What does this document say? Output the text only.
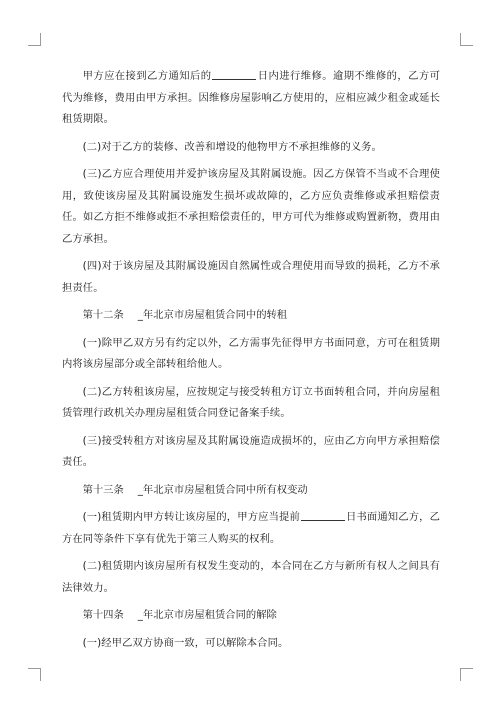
甲方应在接到乙方通知后的	日内进行维修。逾期不维修的，乙方可代为维修，费用由甲方承担。因维修房屋影响乙方使用的，应相应减少租金或延长租赁期限。

(二)对于乙方的装修、改善和增设的他物甲方不承担维修的义务。

(三)乙方应合理使用并爱护该房屋及其附属设施。因乙方保管不当或不合理使用，致使该房屋及其附属设施发生损坏或故障的，乙方应负责维修或承担赔偿责任。如乙方拒不维修或拒不承担赔偿责任的，甲方可代为维修或购置新物，费用由乙方承担。

(四)对于该房屋及其附属设施因自然属性或合理使用而导致的损耗，乙方不承担责任。

第十二条 _年北京市房屋租赁合同中的转租

(一)除甲乙双方另有约定以外，乙方需事先征得甲方书面同意，方可在租赁期内将该房屋部分或全部转租给他人。

(二)乙方转租该房屋，应按规定与接受转租方订立书面转租合同，并向房屋租赁管理行政机关办理房屋租赁合同登记备案手续。

(三)接受转租方对该房屋及其附属设施造成损坏的，应由乙方向甲方承担赔偿责任。

第十三条 _年北京市房屋租赁合同中所有权变动

(一)租赁期内甲方转让该房屋的，甲方应当提前	日书面通知乙方，乙方在同等条件下享有优先于第三人购买的权利。

(二)租赁期内该房屋所有权发生变动的，本合同在乙方与新所有权人之间具有法律效力。

第十四条 _年北京市房屋租赁合同的解除

(一)经甲乙双方协商一致，可以解除本合同。
